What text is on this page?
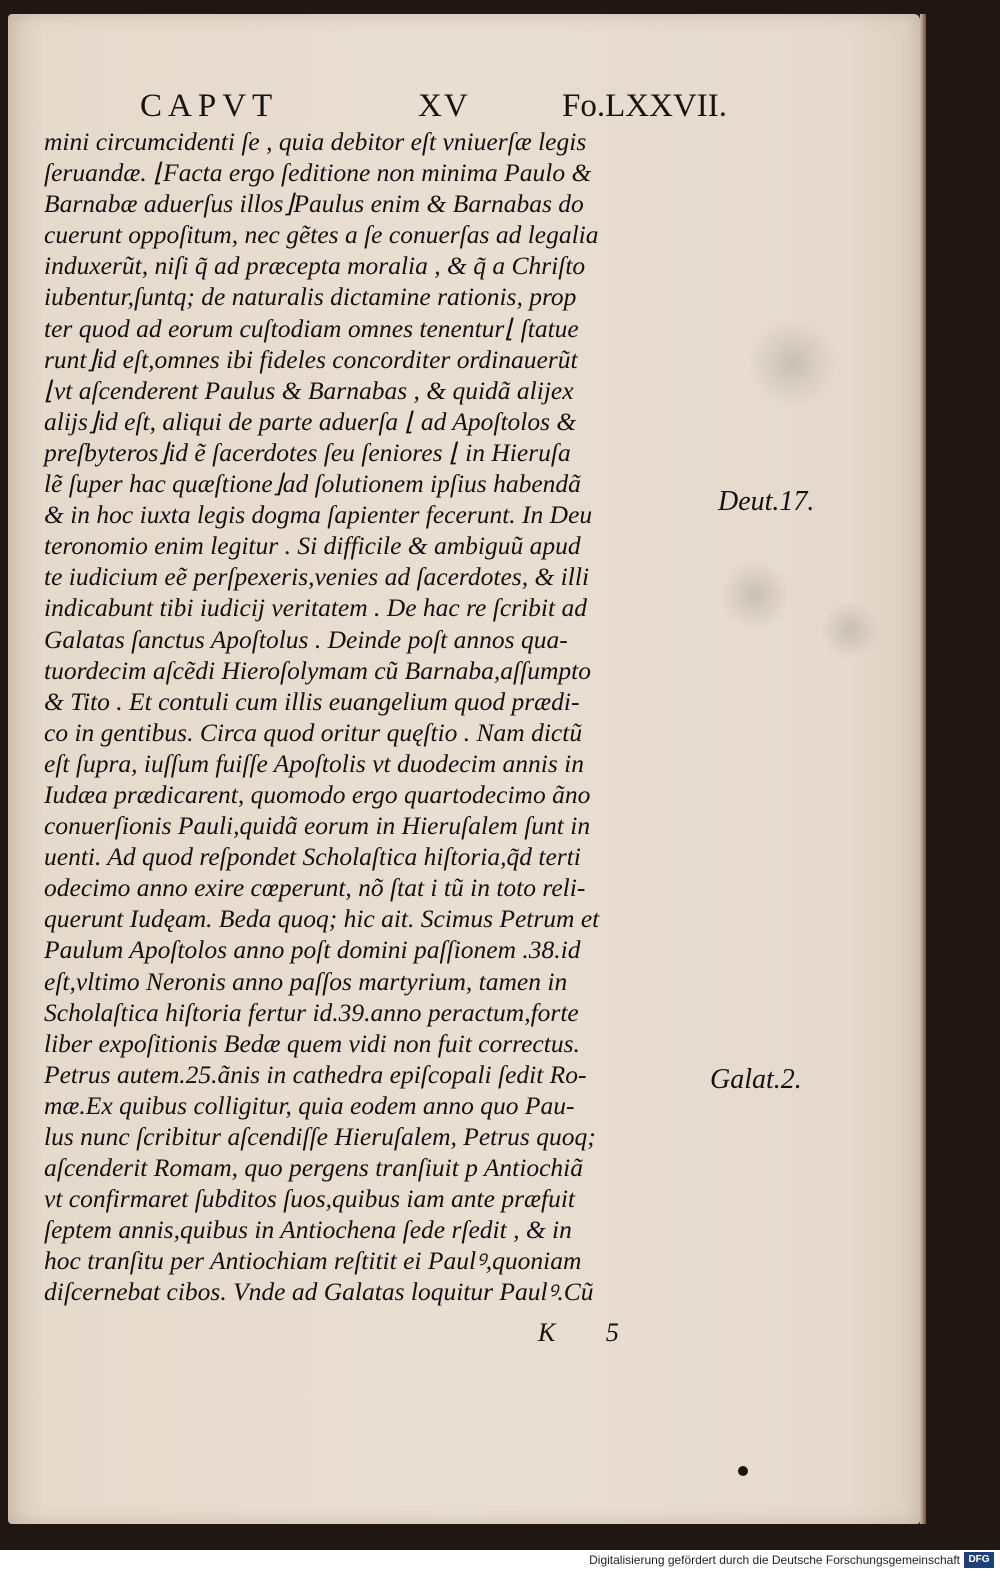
CAPVT	XV	Fo.LXXVII.
mini circumcidenti ſe , quia debitor eſt vniuerſæ legis
ſeruandæ. ⌊Facta ergo ſeditione non minima Paulo &
Barnabæ aduerſus illos⌋Paulus enim & Barnabas do
cuerunt oppoſitum, nec gẽtes a ſe conuerſas ad legalia
induxerũt, niſi q̃ ad præcepta moralia , & q̃ a Chriſto
iubentur,ſuntq; de naturalis dictamine rationis, prop
ter quod ad eorum cuſtodiam omnes tenentur⌊ ſtatue
runt⌋id eſt,omnes ibi fideles concorditer ordinauerũt
⌊vt aſcenderent Paulus & Barnabas , & quidã alijex
alijs⌋id eſt, aliqui de parte aduerſa ⌊ ad Apoſtolos &
preſbyteros⌋id ẽ ſacerdotes ſeu ſeniores ⌊ in Hieruſa
lẽ ſuper hac quæſtione⌋ad ſolutionem ipſius habendã
& in hoc iuxta legis dogma ſapienter fecerunt. In Deu
teronomio enim legitur . Si difficile & ambiguũ apud
te iudicium eẽ perſpexeris,venies ad ſacerdotes, & illi
indicabunt tibi iudicij veritatem . De hac re ſcribit ad
Galatas ſanctus Apoſtolus . Deinde poſt annos qua-
tuordecim aſcẽdi Hieroſolymam cũ Barnaba,aſſumpto
& Tito . Et contuli cum illis euangelium quod prædi-
co in gentibus. Circa quod oritur quęſtio . Nam dictũ
eſt ſupra, iuſſum fuiſſe Apoſtolis vt duodecim annis in
Iudæa prædicarent, quomodo ergo quartodecimo ãno
conuerſionis Pauli,quidã eorum in Hieruſalem ſunt in
uenti. Ad quod reſpondet Scholaſtica hiſtoria,q̃d terti
odecimo anno exire cœperunt, nõ ſtat i tũ in toto reli-
querunt Iudęam. Beda quoq; hic ait. Scimus Petrum et
Paulum Apoſtolos anno poſt domini paſſionem .38.id
eſt,vltimo Neronis anno paſſos martyrium, tamen in
Scholaſtica hiſtoria fertur id.39.anno peractum,forte
liber expoſitionis Bedæ quem vidi non fuit correctus.
Petrus autem.25.ãnis in cathedra epiſcopali ſedit Ro-
mæ.Ex quibus colligitur, quia eodem anno quo Pau-
lus nunc ſcribitur aſcendiſſe Hieruſalem, Petrus quoq;
aſcenderit Romam, quo pergens tranſiuit p Antiochiã
vt confirmaret ſubditos ſuos,quibus iam ante præfuit
ſeptem annis,quibus in Antiochena ſede rſedit , & in
hoc tranſitu per Antiochiam reſtitit ei Paulꝰ,quoniam
diſcernebat cibos. Vnde ad Galatas loquitur Paulꝰ.Cũ
Deut.17.
Galat.2.
K 5
Digitalisierung gefördert durch die Deutsche Forschungsgemeinschaft DFG
